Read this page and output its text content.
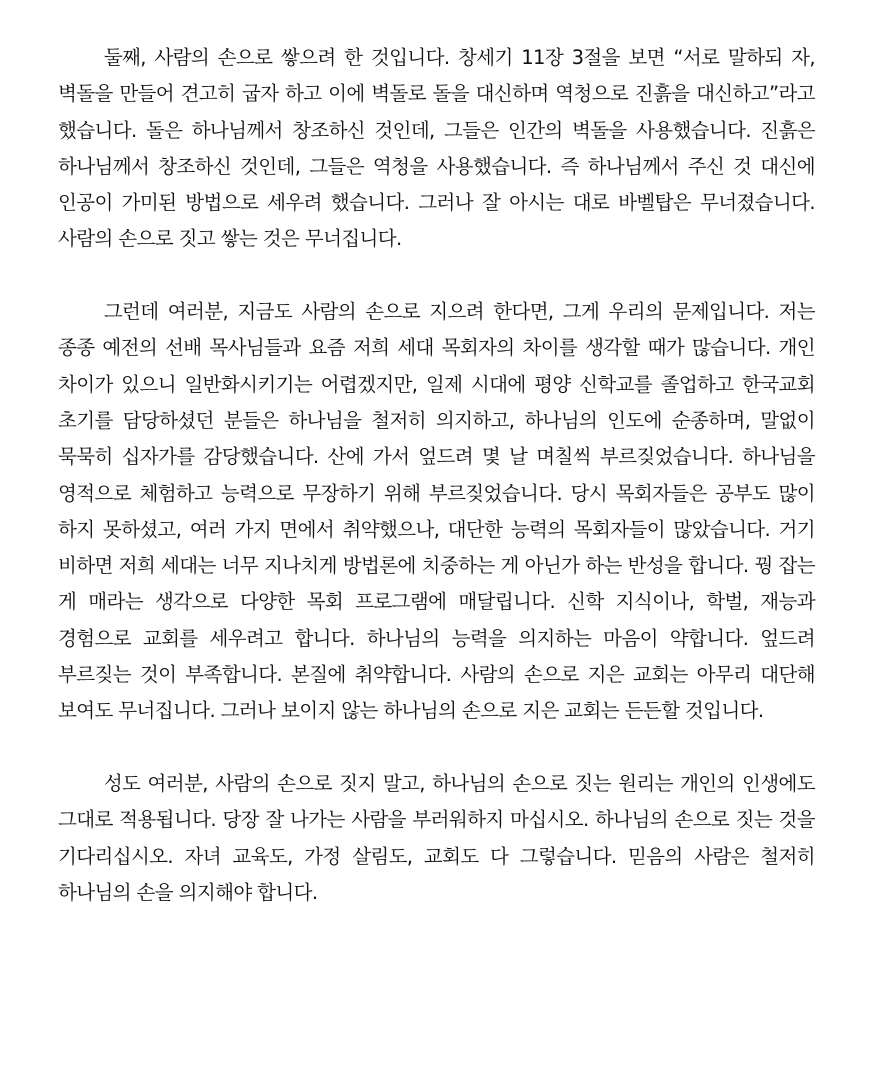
둘째, 사람의 손으로 쌓으려 한 것입니다. 창세기 11장 3절을 보면 “서로 말하되 자, 벽돌을 만들어 견고히 굽자 하고 이에 벽돌로 돌을 대신하며 역청으로 진흙을 대신하고”라고 했습니다. 돌은 하나님께서 창조하신 것인데, 그들은 인간의 벽돌을 사용했습니다. 진흙은 하나님께서 창조하신 것인데, 그들은 역청을 사용했습니다. 즉 하나님께서 주신 것 대신에 인공이 가미된 방법으로 세우려 했습니다. 그러나 잘 아시는 대로 바벨탑은 무너졌습니다. 사람의 손으로 짓고 쌓는 것은 무너집니다.

그런데 여러분, 지금도 사람의 손으로 지으려 한다면, 그게 우리의 문제입니다. 저는 종종 예전의 선배 목사님들과 요즘 저희 세대 목회자의 차이를 생각할 때가 많습니다. 개인 차이가 있으니 일반화시키기는 어렵겠지만, 일제 시대에 평양 신학교를 졸업하고 한국교회 초기를 담당하셨던 분들은 하나님을 철저히 의지하고, 하나님의 인도에 순종하며, 말없이 묵묵히 십자가를 감당했습니다. 산에 가서 엎드려 몇 날 며칠씩 부르짖었습니다. 하나님을 영적으로 체험하고 능력으로 무장하기 위해 부르짖었습니다. 당시 목회자들은 공부도 많이 하지 못하셨고, 여러 가지 면에서 취약했으나, 대단한 능력의 목회자들이 많았습니다. 거기 비하면 저희 세대는 너무 지나치게 방법론에 치중하는 게 아닌가 하는 반성을 합니다. 꿩 잡는 게 매라는 생각으로 다양한 목회 프로그램에 매달립니다. 신학 지식이나, 학벌, 재능과 경험으로 교회를 세우려고 합니다. 하나님의 능력을 의지하는 마음이 약합니다. 엎드려 부르짖는 것이 부족합니다. 본질에 취약합니다. 사람의 손으로 지은 교회는 아무리 대단해 보여도 무너집니다. 그러나 보이지 않는 하나님의 손으로 지은 교회는 든든할 것입니다.

성도 여러분, 사람의 손으로 짓지 말고, 하나님의 손으로 짓는 원리는 개인의 인생에도 그대로 적용됩니다. 당장 잘 나가는 사람을 부러워하지 마십시오. 하나님의 손으로 짓는 것을 기다리십시오. 자녀 교육도, 가정 살림도, 교회도 다 그렇습니다. 믿음의 사람은 철저히 하나님의 손을 의지해야 합니다.
